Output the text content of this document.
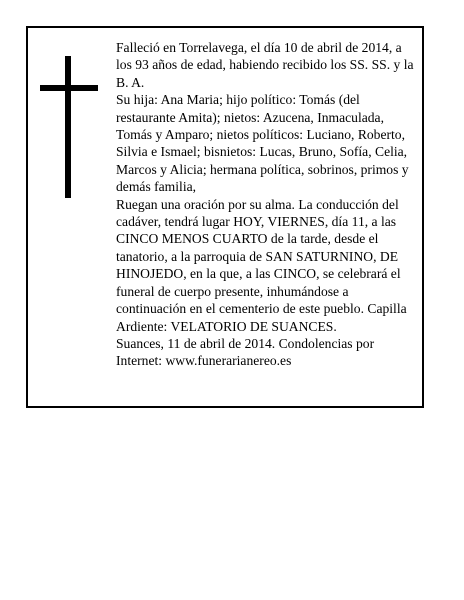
Falleció en Torrelavega, el día 10 de abril de 2014, a los 93 años de edad, habiendo recibido los SS. SS. y la B. A.

Su hija: Ana Maria; hijo político: Tomás (del restaurante Amita); nietos: Azucena, Inmaculada, Tomás y Amparo; nietos políticos: Luciano, Roberto, Silvia e Ismael; bisnietos: Lucas, Bruno, Sofía, Celia, Marcos y Alicia; hermana política, sobrinos, primos y demás familia,

Ruegan una oración por su alma. La conducción del cadáver, tendrá lugar HOY, VIERNES, día 11, a las CINCO MENOS CUARTO de la tarde, desde el tanatorio, a la parroquia de SAN SATURNINO, DE HINOJEDO, en la que, a las CINCO, se celebrará el funeral de cuerpo presente, inhumándose a continuación en el cementerio de este pueblo. Capilla Ardiente: VELATORIO DE SUANCES.

Suances, 11 de abril de 2014. Condolencias por Internet: www.funerarianereo.es
